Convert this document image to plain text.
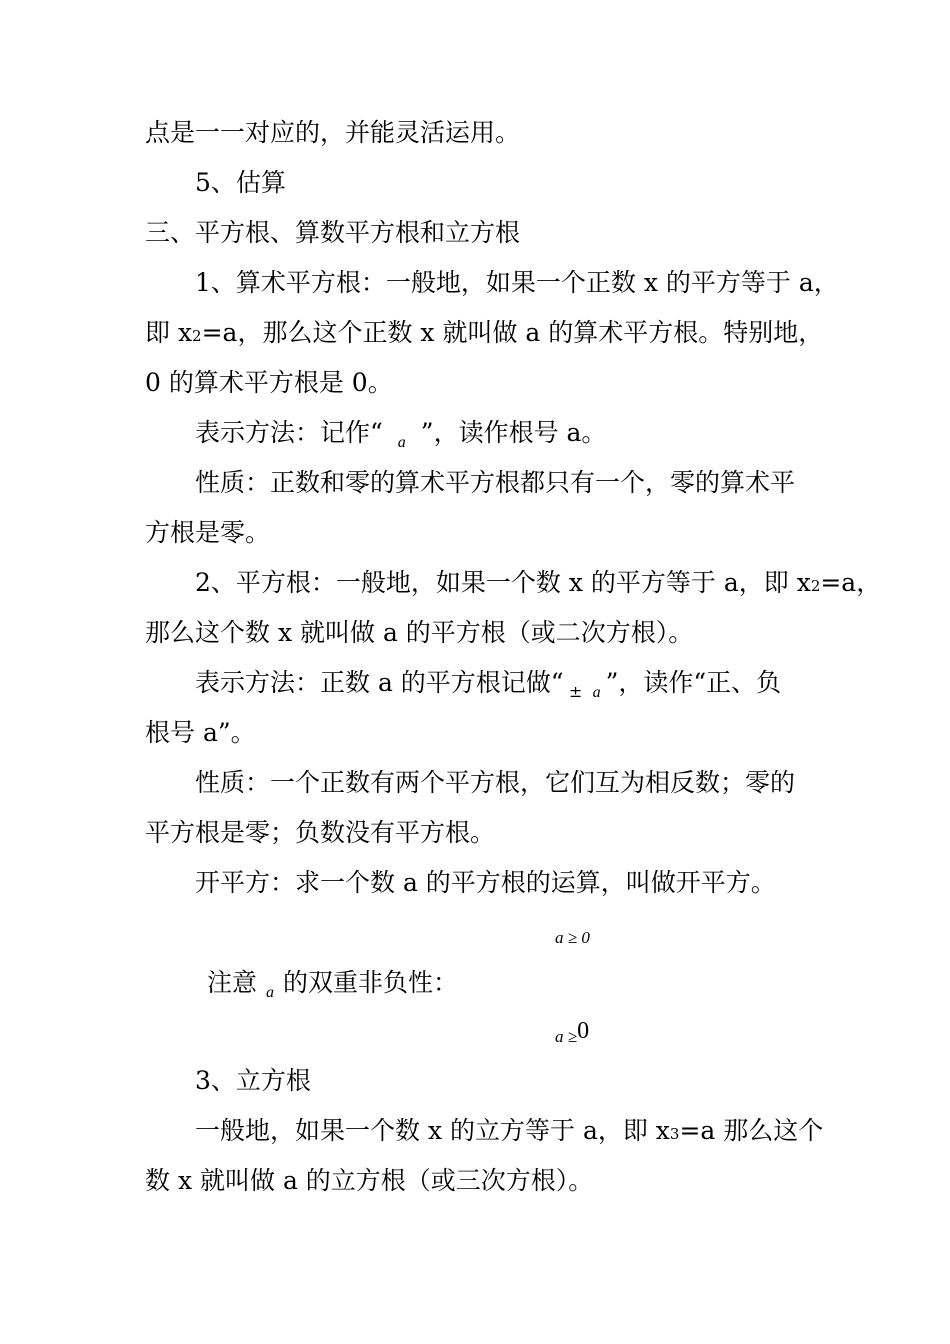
点是一一对应的，并能灵活运用。
5、估算
三、平方根、算数平方根和立方根
1、算术平方根：一般地，如果一个正数 x 的平方等于 a，
即 x2=a，那么这个正数 x 就叫做 a 的算术平方根。特别地，
0 的算术平方根是 0。
表示方法：记作“ a ”，读作根号 a。
性质：正数和零的算术平方根都只有一个，零的算术平
方根是零。
2、平方根：一般地，如果一个数 x 的平方等于 a，即 x2=a，
那么这个数 x 就叫做 a 的平方根（或二次方根）。
表示方法：正数 a 的平方根记做“ ± a ”，读作“正、负
根号 a”。
性质：一个正数有两个平方根，它们互为相反数；零的
平方根是零；负数没有平方根。
开平方：求一个数 a 的平方根的运算，叫做开平方。
a ≥ 0
注意 a 的双重非负性：
a ≥0
3、立方根
一般地，如果一个数 x 的立方等于 a，即 x3=a 那么这个
数 x 就叫做 a 的立方根（或三次方根）。
